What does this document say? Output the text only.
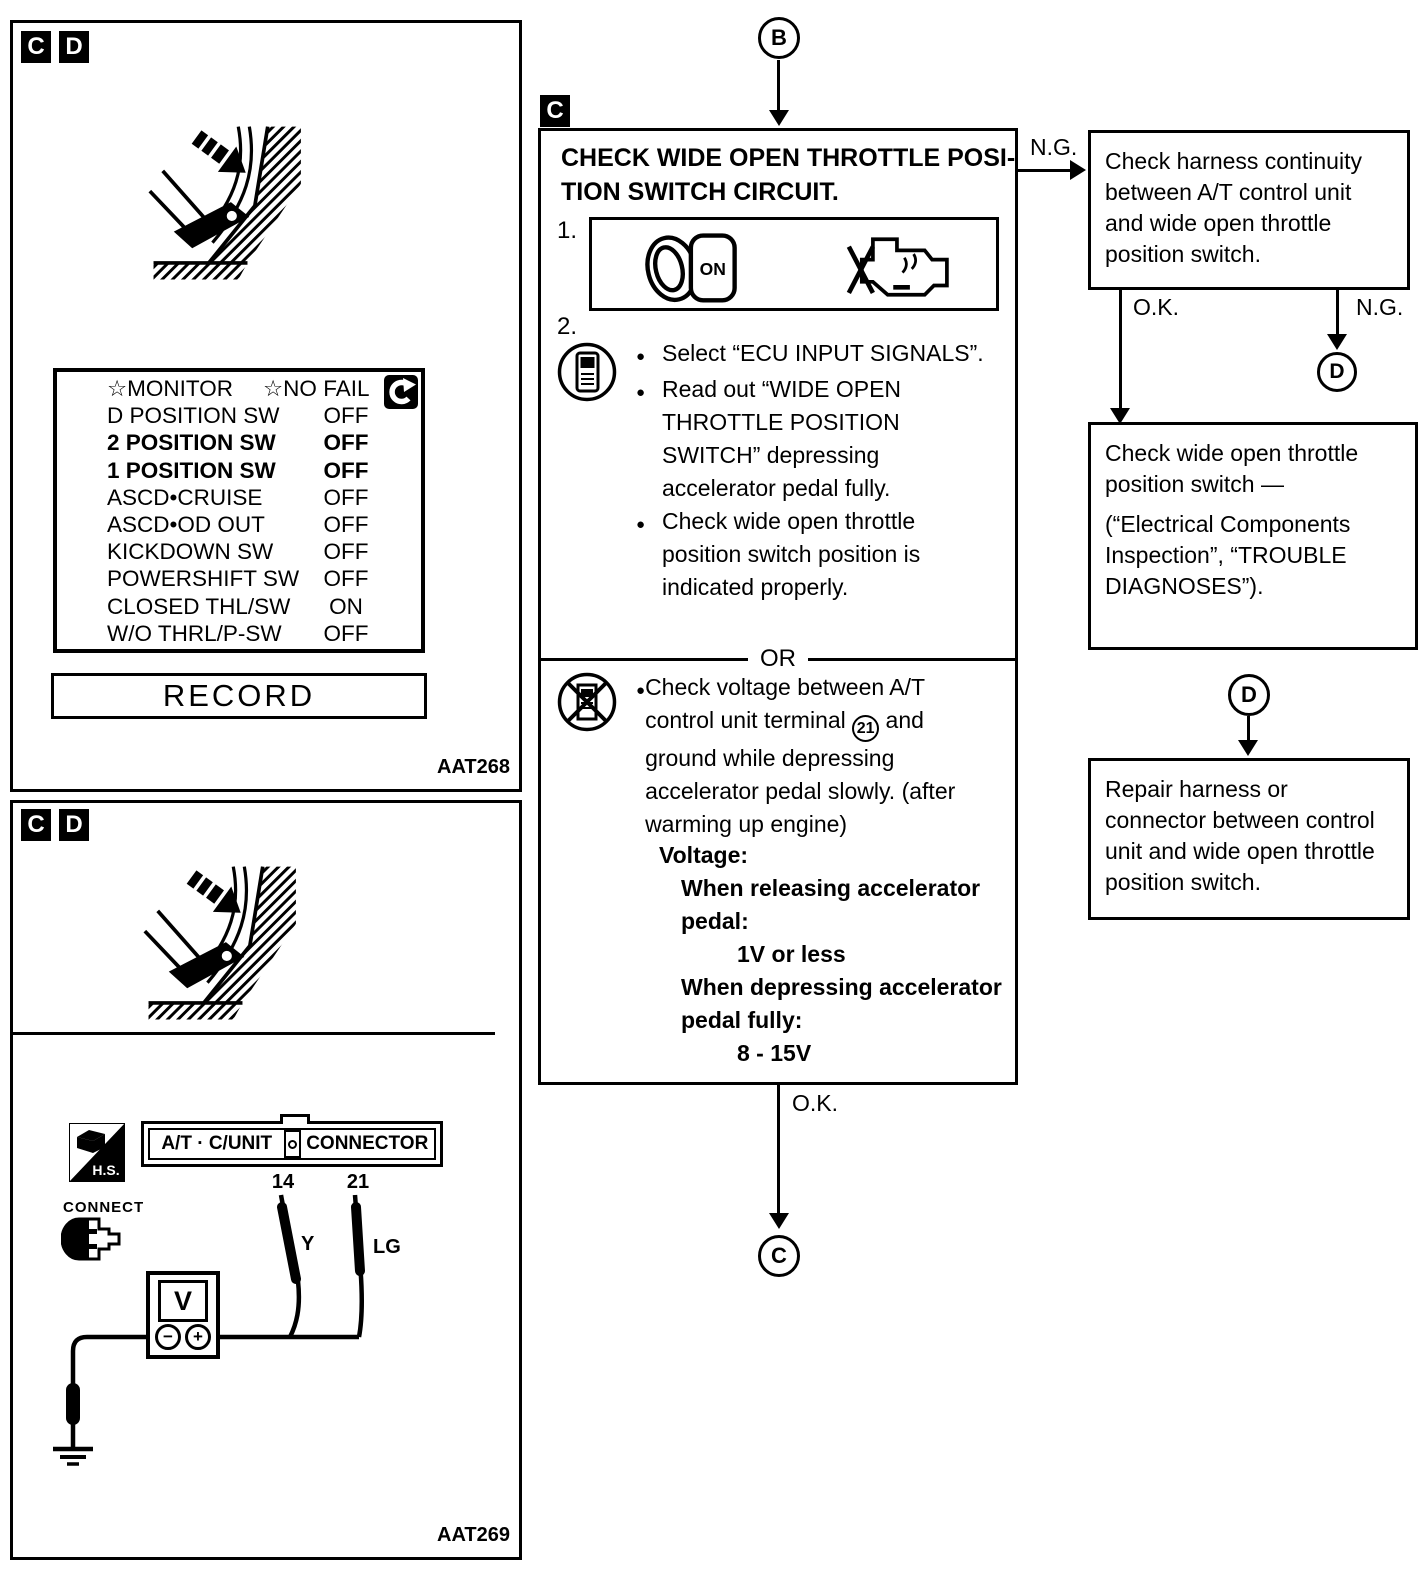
C D
☆MONITOR ☆NO FAIL
D POSITION SW	OFF
2 POSITION SW	OFF
1 POSITION SW	OFF
ASCD•CRUISE	OFF
ASCD•OD OUT	OFF
KICKDOWN SW	OFF
POWERSHIFT SW	OFF
CLOSED THL/SW	ON
W/O THRL/P-SW	OFF
RECORD
AAT268
C D
H.S.
A/T · C/UNIT	CONNECTOR
14	21
Y	LG
CONNECT
V
−	+
AAT269
B
C
CHECK WIDE OPEN THROTTLE POSI-
TION SWITCH CIRCUIT.
1.
ON
2.
● Select “ECU INPUT SIGNALS”.
● Read out “WIDE OPEN THROTTLE POSITION SWITCH” depressing accelerator pedal fully.
● Check wide open throttle position switch position is indicated properly.
OR
● Check voltage between A/T control unit terminal 21 and ground while depressing accelerator pedal slowly. (after warming up engine)
Voltage:
When releasing accelerator pedal:
1V or less
When depressing accelerator pedal fully:
8 - 15V
N.G.

Check harness continuity between A/T control unit and wide open throttle position switch.

O.K.	N.G.
D

Check wide open throttle position switch —

(“Electrical Components Inspection”, “TROUBLE DIAGNOSES”).

D

Repair harness or connector between control unit and wide open throttle position switch.

O.K.
C
